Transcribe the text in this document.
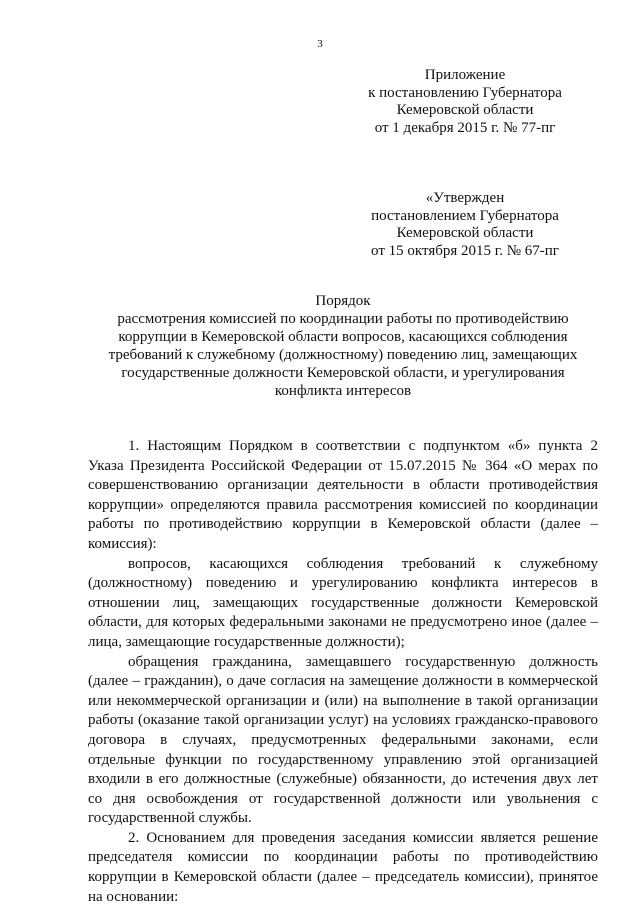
3
Приложение
к постановлению Губернатора
Кемеровской области
от 1 декабря 2015 г. № 77-пг
«Утвержден
постановлением Губернатора
Кемеровской области
от 15 октября 2015 г. № 67-пг
Порядок
рассмотрения комиссией по координации работы по противодействию
коррупции в Кемеровской области вопросов, касающихся соблюдения
требований к служебному (должностному) поведению лиц, замещающих
государственные должности Кемеровской области, и урегулирования
конфликта интересов

1. Настоящим Порядком в соответствии с подпунктом «б» пункта 2 Указа Президента Российской Федерации от 15.07.2015 № 364 «О мерах по совершенствованию организации деятельности в области противодействия коррупции» определяются правила рассмотрения комиссией по координации работы по противодействию коррупции в Кемеровской области (далее – комиссия):

вопросов, касающихся соблюдения требований к служебному (должностному) поведению и урегулированию конфликта интересов в отношении лиц, замещающих государственные должности Кемеровской области, для которых федеральными законами не предусмотрено иное (далее – лица, замещающие государственные должности);

обращения гражданина, замещавшего государственную должность (далее – гражданин), о даче согласия на замещение должности в коммерческой или некоммерческой организации и (или) на выполнение в такой организации работы (оказание такой организации услуг) на условиях гражданско-правового договора в случаях, предусмотренных федеральными законами, если отдельные функции по государственному управлению этой организацией входили в его должностные (служебные) обязанности, до истечения двух лет со дня освобождения от государственной должности или увольнения с государственной службы.

2. Основанием для проведения заседания комиссии является решение председателя комиссии по координации работы по противодействию коррупции в Кемеровской области (далее – председатель комиссии), принятое на основании:
